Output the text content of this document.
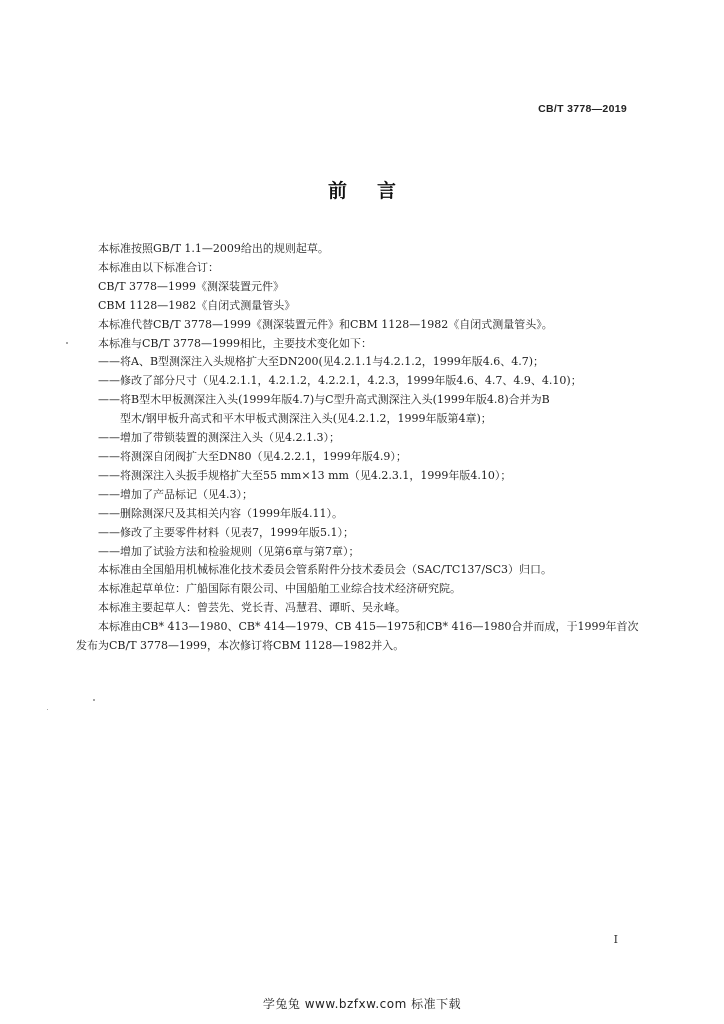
CB/T 3778—2019
前言

本标准按照GB/T 1.1—2009给出的规则起草。

本标准由以下标准合订：

CB/T 3778—1999《测深装置元件》

CBM 1128—1982《自闭式测量管头》

本标准代替CB/T 3778—1999《测深装置元件》和CBM 1128—1982《自闭式测量管头》。

本标准与CB/T 3778—1999相比，主要技术变化如下：

——将A、B型测深注入头规格扩大至DN200(见4.2.1.1与4.2.1.2，1999年版4.6、4.7)；

——修改了部分尺寸（见4.2.1.1，4.2.1.2，4.2.2.1，4.2.3，1999年版4.6、4.7、4.9、4.10)；

——将B型木甲板测深注入头(1999年版4.7)与C型升高式测深注入头(1999年版4.8)合并为B

型木/钢甲板升高式和平木甲板式测深注入头(见4.2.1.2，1999年版第4章)；

——增加了带锁装置的测深注入头（见4.2.1.3）；

——将测深自闭阀扩大至DN80（见4.2.2.1，1999年版4.9）；

——将测深注入头扳手规格扩大至55 mm×13 mm（见4.2.3.1，1999年版4.10）；

——增加了产品标记（见4.3）；

——删除测深尺及其相关内容（1999年版4.11）。

——修改了主要零件材料（见表7，1999年版5.1）；

——增加了试验方法和检验规则（见第6章与第7章）；

本标准由全国船用机械标准化技术委员会管系附件分技术委员会（SAC/TC137/SC3）归口。

本标准起草单位：广船国际有限公司、中国船舶工业综合技术经济研究院。

本标准主要起草人：曾芸先、党长青、冯慧君、谭昕、吴永峰。

本标准由CB* 413—1980、CB* 414—1979、CB 415—1975和CB* 416—1980合并而成，于1999年首次

发布为CB/T 3778—1999，本次修订将CBM 1128—1982并入。

I
学兔兔 www.bzfxw.com 标准下载
